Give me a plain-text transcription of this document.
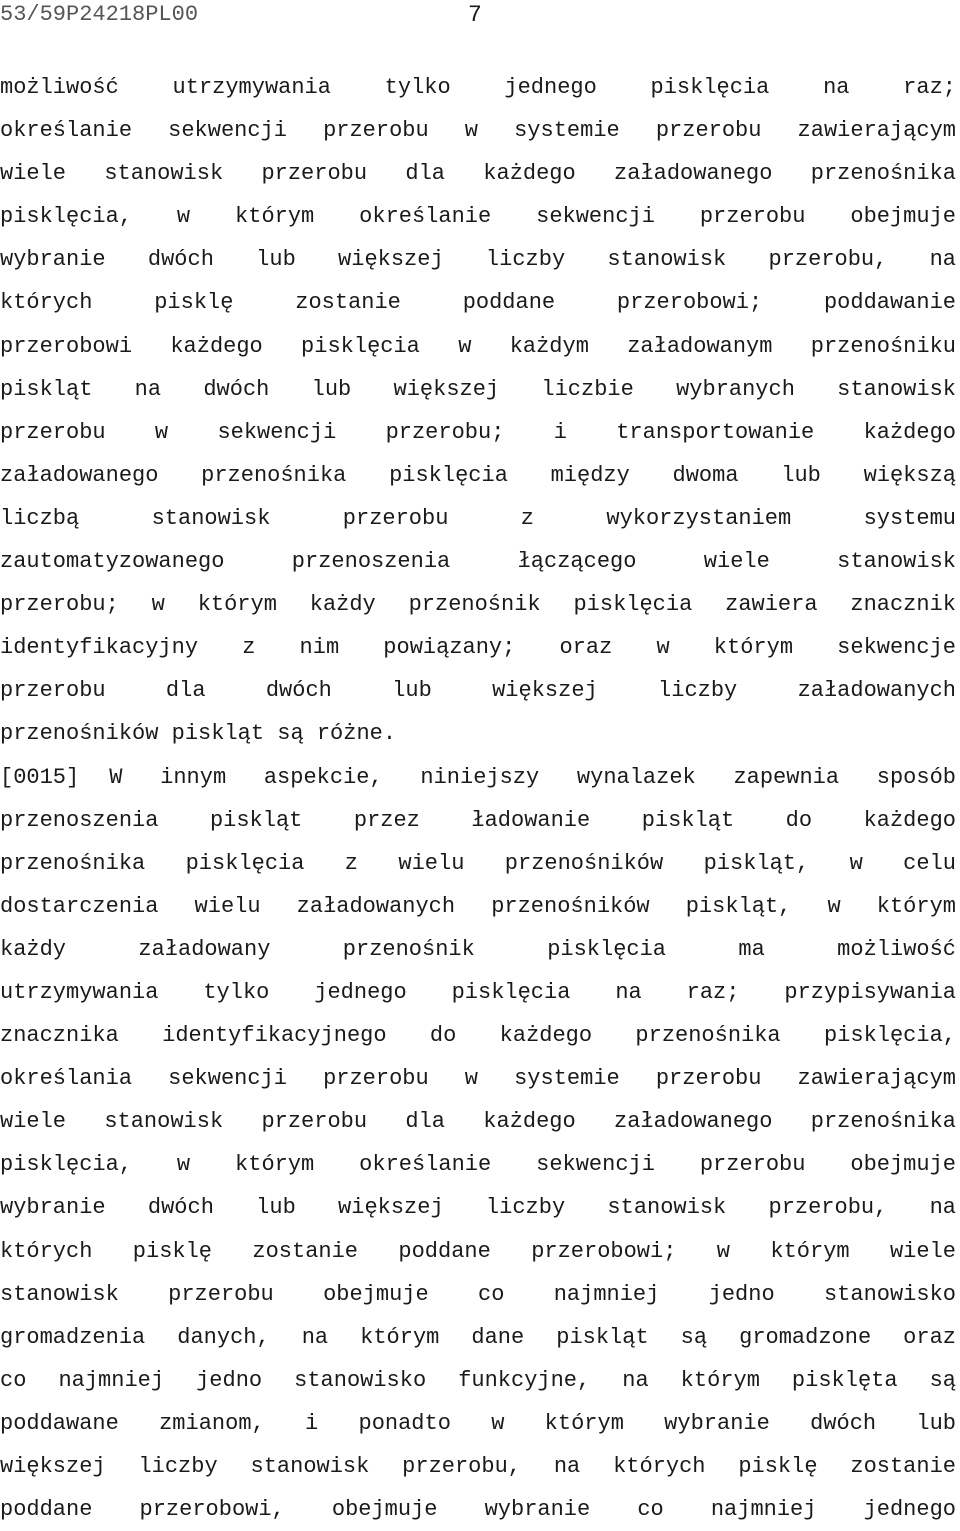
53/59P24218PL00	7
możliwość utrzymywania tylko jednego pisklęcia na raz;
określanie sekwencji przerobu w systemie przerobu zawierającym
wiele stanowisk przerobu dla każdego załadowanego przenośnika
pisklęcia, w którym określanie sekwencji przerobu obejmuje
wybranie dwóch lub większej liczby stanowisk przerobu, na
których pisklę zostanie poddane przerobowi; poddawanie
przerobowi każdego pisklęcia w każdym załadowanym przenośniku
piskląt na dwóch lub większej liczbie wybranych stanowisk
przerobu w sekwencji przerobu; i transportowanie każdego
załadowanego przenośnika pisklęcia między dwoma lub większą
liczbą stanowisk przerobu z wykorzystaniem systemu
zautomatyzowanego przenoszenia łączącego wiele stanowisk
przerobu; w którym każdy przenośnik pisklęcia zawiera znacznik
identyfikacyjny z nim powiązany; oraz w którym sekwencje
przerobu dla dwóch lub większej liczby załadowanych
przenośników piskląt są różne.
[0015] W innym aspekcie, niniejszy wynalazek zapewnia sposób
przenoszenia piskląt przez ładowanie piskląt do każdego
przenośnika pisklęcia z wielu przenośników piskląt, w celu
dostarczenia wielu załadowanych przenośników piskląt, w którym
każdy załadowany przenośnik pisklęcia ma możliwość
utrzymywania tylko jednego pisklęcia na raz; przypisywania
znacznika identyfikacyjnego do każdego przenośnika pisklęcia,
określania sekwencji przerobu w systemie przerobu zawierającym
wiele stanowisk przerobu dla każdego załadowanego przenośnika
pisklęcia, w którym określanie sekwencji przerobu obejmuje
wybranie dwóch lub większej liczby stanowisk przerobu, na
których pisklę zostanie poddane przerobowi; w którym wiele
stanowisk przerobu obejmuje co najmniej jedno stanowisko
gromadzenia danych, na którym dane piskląt są gromadzone oraz
co najmniej jedno stanowisko funkcyjne, na którym pisklęta są
poddawane zmianom, i ponadto w którym wybranie dwóch lub
większej liczby stanowisk przerobu, na których pisklę zostanie
poddane przerobowi, obejmuje wybranie co najmniej jednego
